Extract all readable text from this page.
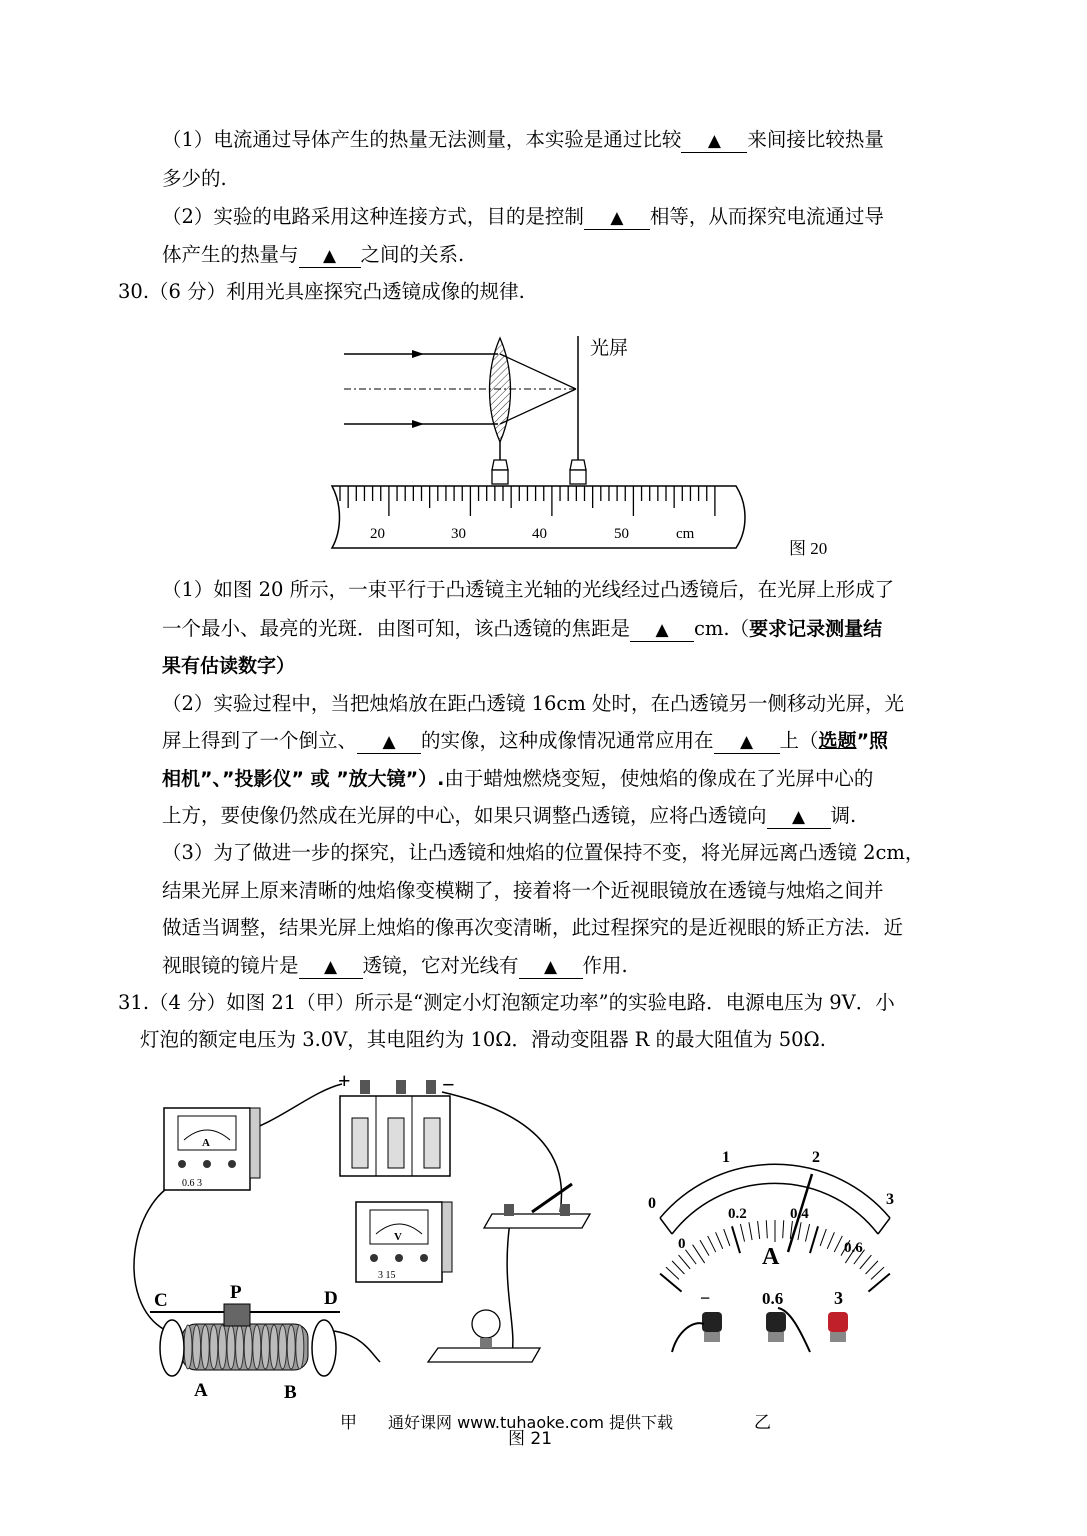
（1）电流通过导体产生的热量无法测量，本实验是通过比较 ▲ 来间接比较热量
多少的.
（2）实验的电路采用这种连接方式，目的是控制 ▲ 相等，从而探究电流通过导
体产生的热量与 ▲ 之间的关系.
30.（6 分）利用光具座探究凸透镜成像的规律.
光屏
20	30	40	50	cm
图 20
（1）如图 20 所示，一束平行于凸透镜主光轴的光线经过凸透镜后，在光屏上形成了
一个最小、最亮的光斑．由图可知，该凸透镜的焦距是 ▲ cm.（要求记录测量结
果有估读数字）
（2）实验过程中，当把烛焰放在距凸透镜 16cm 处时，在凸透镜另一侧移动光屏，光
屏上得到了一个倒立、 ▲ 的实像，这种成像情况通常应用在 ▲ 上（选题”照
相机”、”投影仪” 或 ”放大镜”）.由于蜡烛燃烧变短，使烛焰的像成在了光屏中心的
上方，要使像仍然成在光屏的中心，如果只调整凸透镜，应将凸透镜向 ▲ 调.
（3）为了做进一步的探究，让凸透镜和烛焰的位置保持不变，将光屏远离凸透镜 2cm，
结果光屏上原来清晰的烛焰像变模糊了，接着将一个近视眼镜放在透镜与烛焰之间并
做适当调整，结果光屏上烛焰的像再次变清晰，此过程探究的是近视眼的矫正方法．近
视眼镜的镜片是 ▲ 透镜，它对光线有 ▲ 作用.
31.（4 分）如图 21（甲）所示是“测定小灯泡额定功率”的实验电路．电源电压为 9V．小
灯泡的额定电压为 3.0V，其电阻约为 10Ω．滑动变阻器 R 的最大阻值为 50Ω.
A
0.6 3
+	−
V
3 15
C	P	D
A	B
0
1	2
3
0
0.2	0.4
0.6
A
−	0.6	3
甲 通好课网 www.tuhaoke.com 提供下载
图 21
乙
